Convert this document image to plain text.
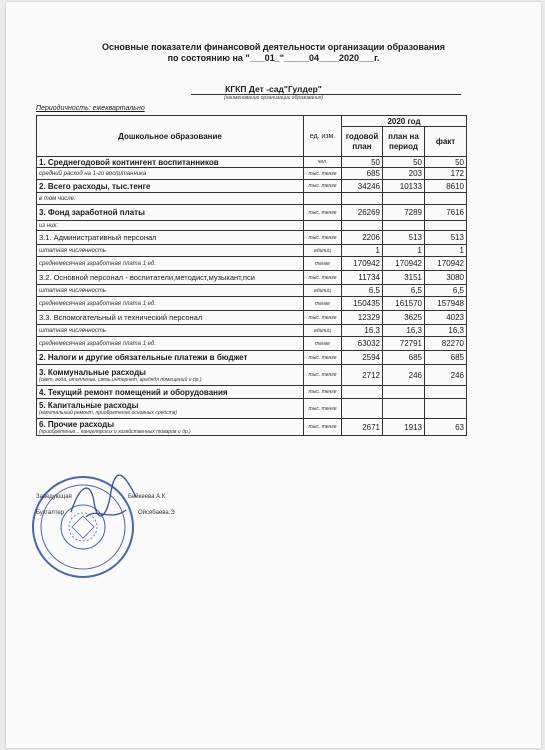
Основные показатели финансовой деятельности организации образования
по состоянию на "___01_"_____04____2020___г.
КГКП Дет -сад"Гулдер"
(наименование организации образования)
Периодичность: ежеквартально
Дошкольное образование	ед. изм.	2020 год		
		годовой план	план на период	факт
1. Среднегодовой контингент воспитанников	чел.	50	50	50
средний расход на 1-го воспитанника	тыс. тенге	685	203	172
2. Всего расходы, тыс.тенге	тыс. тенге	34246	10133	8610
в том числе:				
3. Фонд заработной платы	тыс. тенге	26269	7289	7616
из них:				
3.1. Административный персонал	тыс. тенге	2206	513	513
штатная численность	единиц	1	1	1
среднемесячная заработная плата 1 ед.	тенге	170942	170942	170942
3.2. Основной персонал - воспитатели,методист,музыкант,пси	тыс. тенге	11734	3151	3080
штатная численность	единиц	6,5	6,5	6,5
среднемесячная заработная плата 1 ед.	тенге	150435	161570	157948
3.3. Вспомогательный и технический персонал	тыс. тенге	12329	3625	4023
штатная численность	единиц	16,3	16,3	16,3
среднемесячная заработная плата 1 ед.	тенге	63032	72791	82270
2. Налоги и другие обязательные платежи в бюджет	тыс. тенге	2594	685	685
3. Коммунальные расходы
(свет, вода, отопление, связь,интернет, аредндя помещений и др.)	тыс. тенге	2712	246	246
4. Текущий ремонт помещений и оборудования	тыс. тенге			
5. Капитальные расходы
(капитальный ремонт, приобретение основных средств)	тыс. тенге			
6. Прочие расходы
(приобретение... канцелярских и хозяйственных товаров и др.)	тыс. тенге	2671	1913	63
Заведующая	Бийкеева А.К
Бухгалтер	Ойсебаева.Э
